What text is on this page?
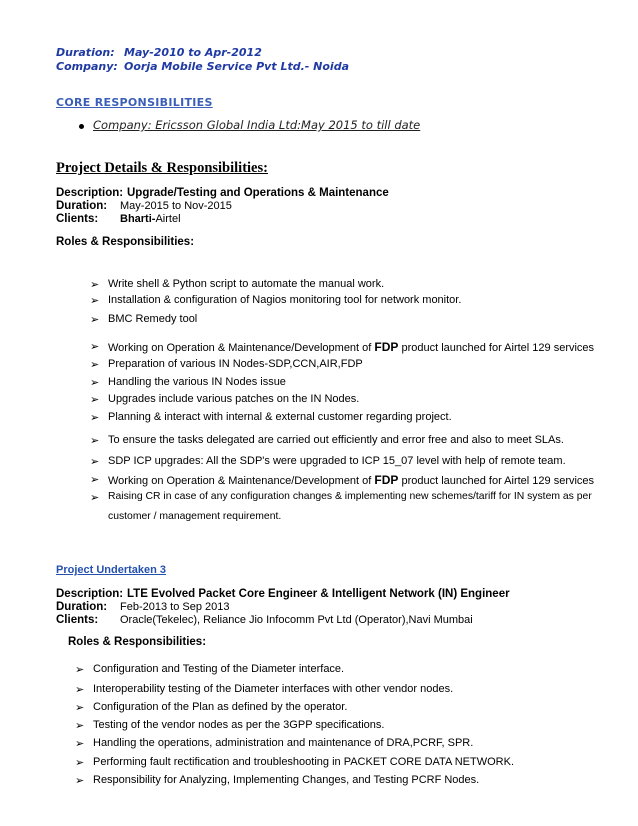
Duration: May-2010 to Apr-2012
Company: Oorja Mobile Service Pvt Ltd.- Noida
CORE RESPONSIBILITIES
Company: Ericsson Global India Ltd:May 2015 to till date
Project Details & Responsibilities:
Description: Upgrade/Testing and Operations & Maintenance
Duration: May-2015 to Nov-2015
Clients: Bharti-Airtel
Roles & Responsibilities:
➢ Write shell & Python script to automate the manual work.
➢ Installation & configuration of Nagios monitoring tool for network monitor.
➢ BMC Remedy tool
➢ Working on Operation & Maintenance/Development of FDP product launched for Airtel 129 services
➢ Preparation of various IN Nodes-SDP,CCN,AIR,FDP
➢ Handling the various IN Nodes issue
➢ Upgrades include various patches on the IN Nodes.
➢ Planning & interact with internal & external customer regarding project.
➢ To ensure the tasks delegated are carried out efficiently and error free and also to meet SLAs.
➢ SDP ICP upgrades: All the SDP's were upgraded to ICP 15_07 level with help of remote team.
➢ Working on Operation & Maintenance/Development of FDP product launched for Airtel 129 services
➢ Raising CR in case of any configuration changes & implementing new schemes/tariff for IN system as per
customer / management requirement.
Project Undertaken 3
Description: LTE Evolved Packet Core Engineer & Intelligent Network (IN) Engineer
Duration: Feb-2013 to Sep 2013
Clients: Oracle(Tekelec), Reliance Jio Infocomm Pvt Ltd (Operator),Navi Mumbai
Roles & Responsibilities:
➢ Configuration and Testing of the Diameter interface.
➢ Interoperability testing of the Diameter interfaces with other vendor nodes.
➢ Configuration of the Plan as defined by the operator.
➢ Testing of the vendor nodes as per the 3GPP specifications.
➢ Handling the operations, administration and maintenance of DRA,PCRF, SPR.
➢ Performing fault rectification and troubleshooting in PACKET CORE DATA NETWORK.
➢ Responsibility for Analyzing, Implementing Changes, and Testing PCRF Nodes.
